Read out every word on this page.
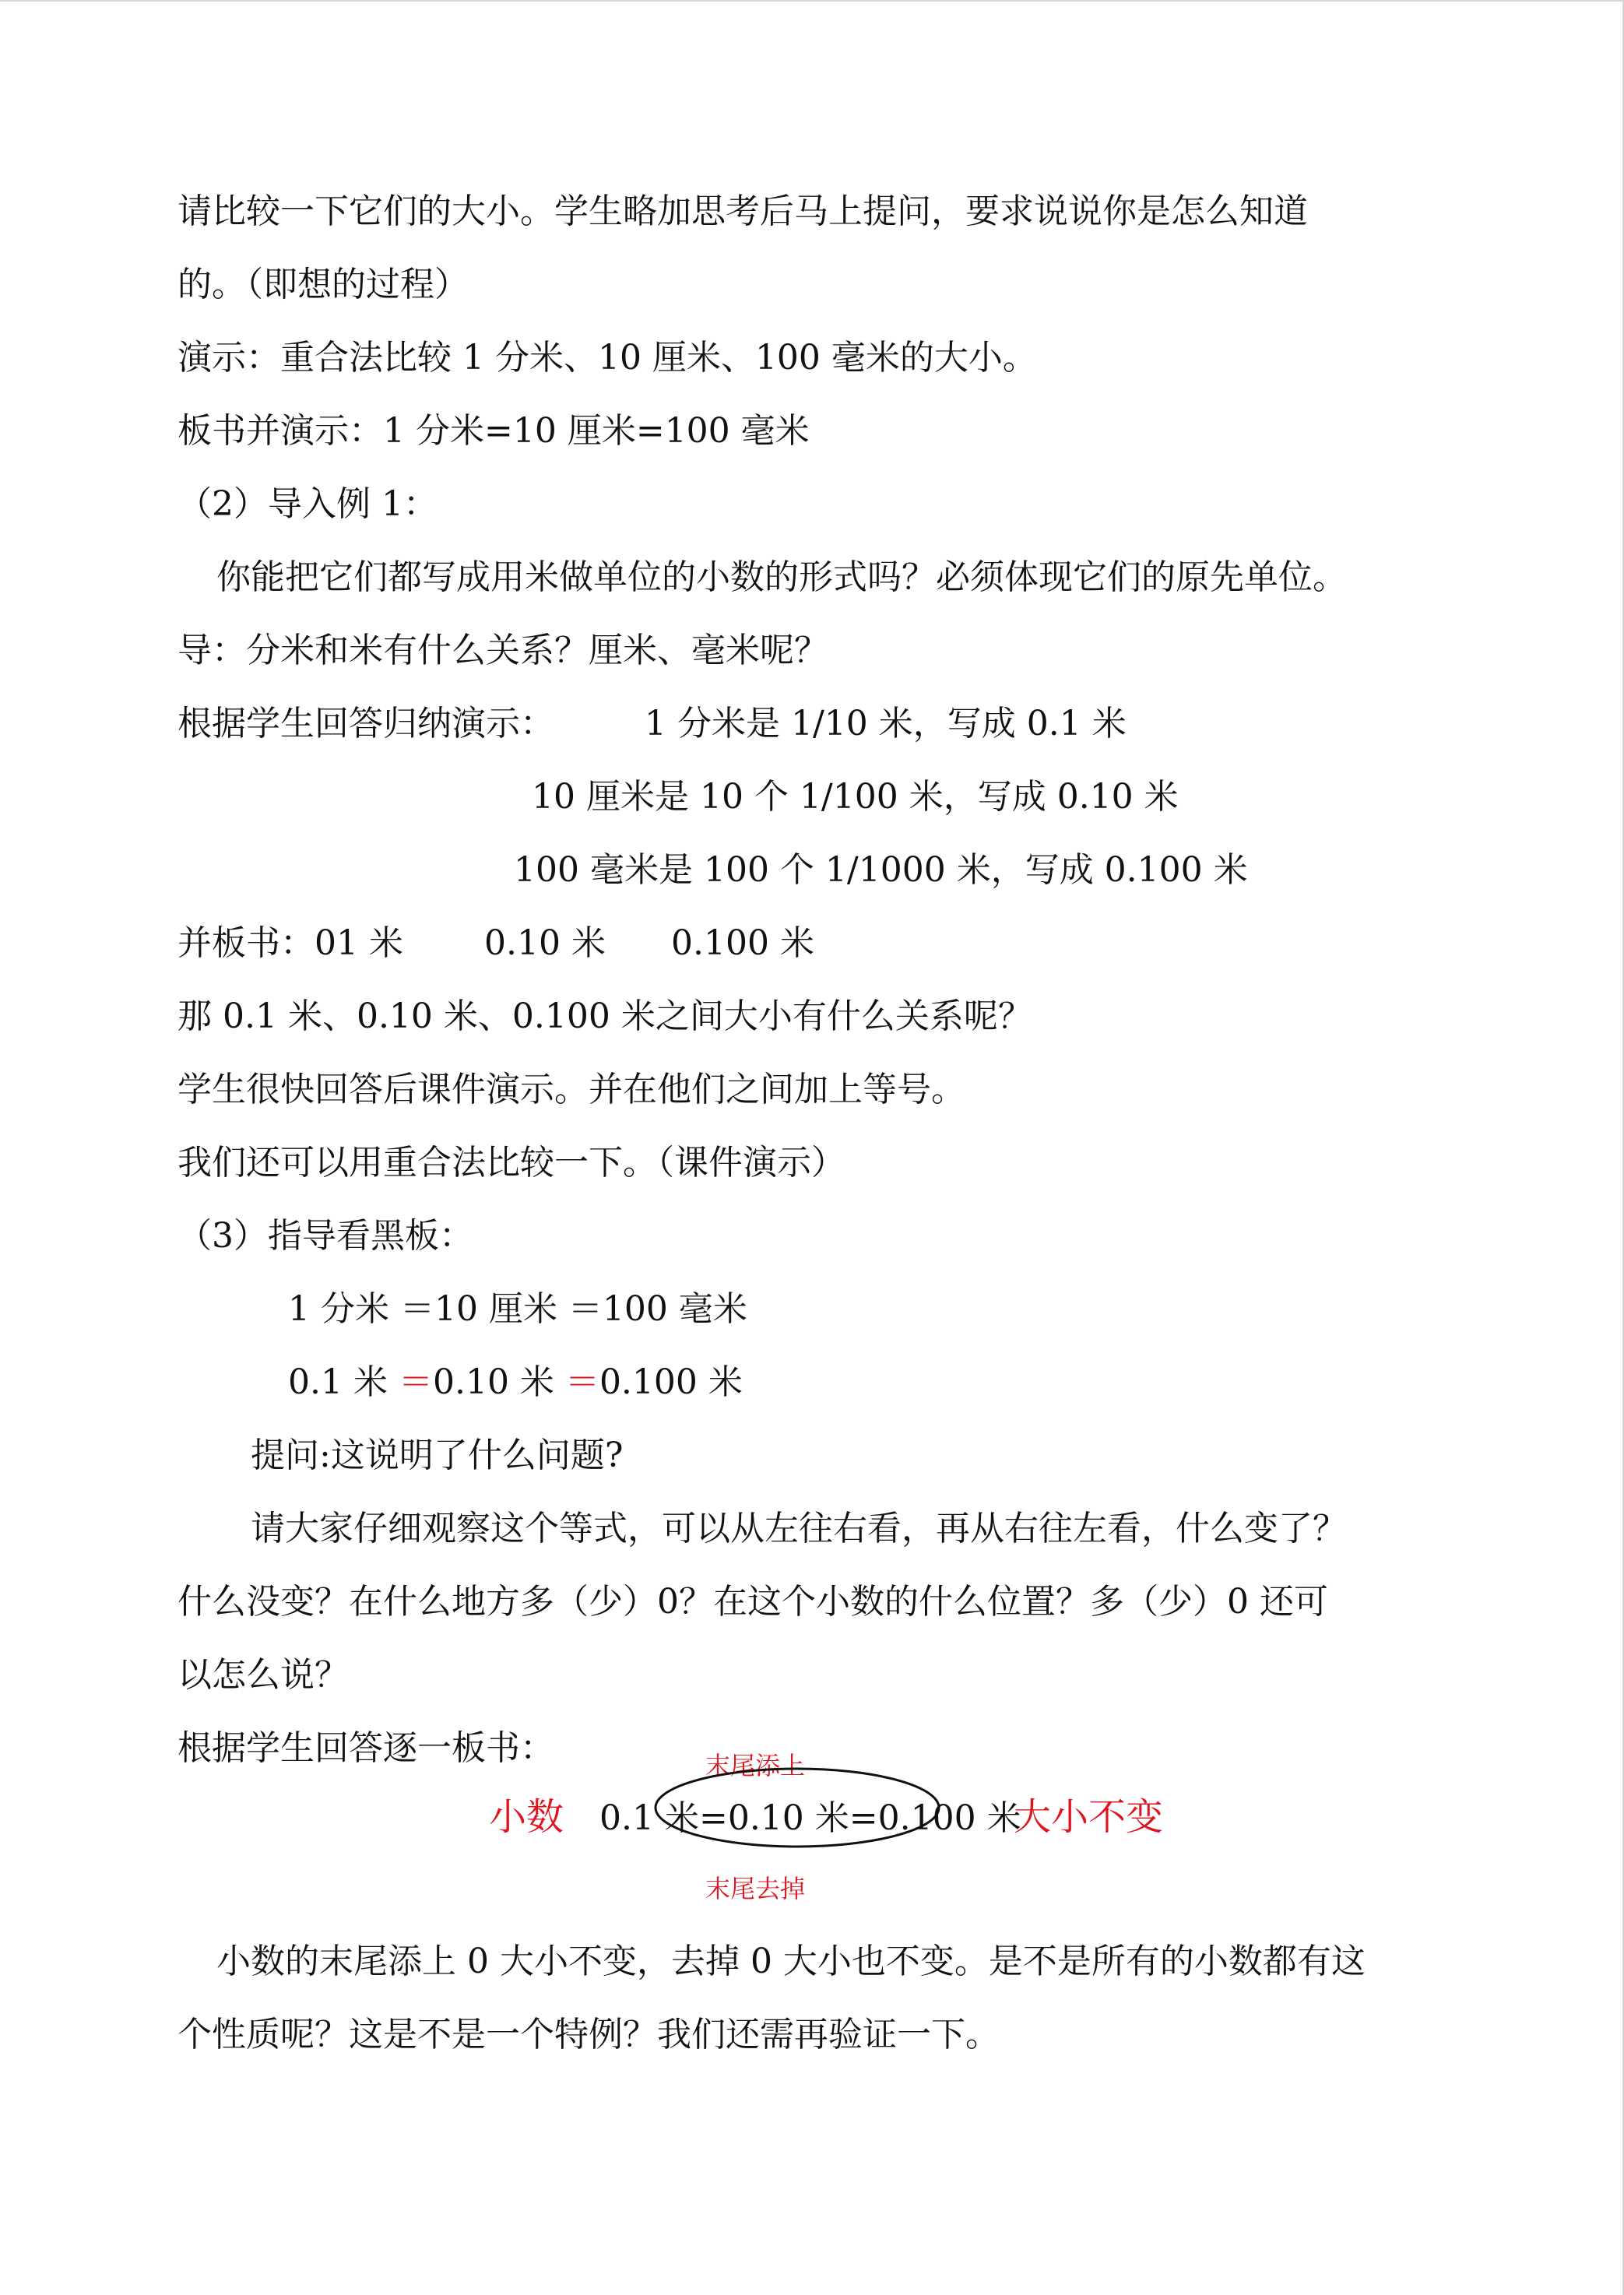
请比较一下它们的大小。学生略加思考后马上提问，要求说说你是怎么知道

的。（即想的过程）

演示：重合法比较 1 分米、10 厘米、100 毫米的大小。

板书并演示：1 分米=10 厘米=100 毫米

（2）导入例 1：

你能把它们都写成用米做单位的小数的形式吗？必须体现它们的原先单位。

导：分米和米有什么关系？厘米、毫米呢？

根据学生回答归纳演示：	1 分米是 1/10 米，写成 0.1 米

10 厘米是 10 个 1/100 米，写成 0.10 米

100 毫米是 100 个 1/1000 米，写成 0.100 米

并板书：01 米 0.10 米 0.100 米

那 0.1 米、0.10 米、0.100 米之间大小有什么关系呢？

学生很快回答后课件演示。并在他们之间加上等号。

我们还可以用重合法比较一下。（课件演示）

（3）指导看黑板：

1 分米 ＝10 厘米 ＝100 毫米

0.1 米 ＝0.10 米 ＝0.100 米

提问:这说明了什么问题?

请大家仔细观察这个等式，可以从左往右看，再从右往左看，什么变了？

什么没变？在什么地方多（少）0？在这个小数的什么位置？多（少）0 还可

以怎么说？

根据学生回答逐一板书：	末尾添上

小数 0.1 米=0.10 米=0.100 米

大小不变

末尾去掉

小数的末尾添上 0 大小不变，去掉 0 大小也不变。是不是所有的小数都有这

个性质呢？这是不是一个特例？我们还需再验证一下。
